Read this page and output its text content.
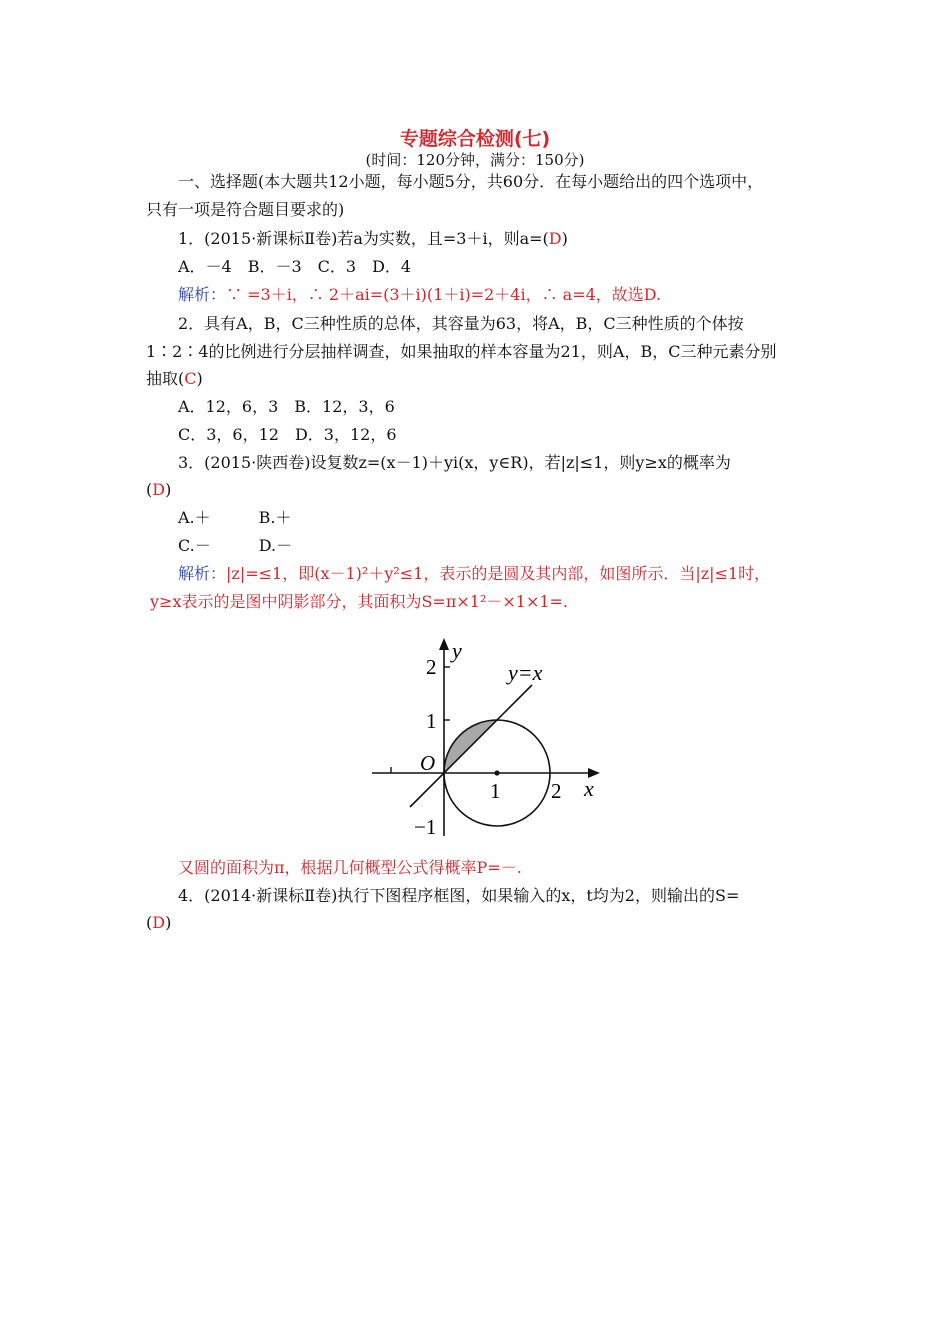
专题综合检测(七)
(时间：120分钟，满分：150分)
一、选择题(本大题共12小题，每小题5分，共60分．在每小题给出的四个选项中，
只有一项是符合题目要求的)
1．(2015·新课标Ⅱ卷)若a为实数，且=3＋i，则a=(D)
A．－4　B．－3　C．3　D．4
解析：∵ =3＋i，∴ 2＋ai=(3＋i)(1＋i)=2＋4i，∴ a=4，故选D.
2．具有A，B，C三种性质的总体，其容量为63，将A，B，C三种性质的个体按
1∶2∶4的比例进行分层抽样调查，如果抽取的样本容量为21，则A，B，C三种元素分别
抽取(C)
A．12，6，3　B．12，3，6
C．3，6，12　D．3，12，6
3．(2015·陕西卷)设复数z=(x－1)＋yi(x，y∈R)，若|z|≤1，则y≥x的概率为
(D)
A.＋　　　B.＋
C.－　　　D.－
解析：|z|=≤1，即(x－1)²＋y²≤1，表示的是圆及其内部，如图所示．当|z|≤1时，
y≥x表示的是图中阴影部分，其面积为S=π×1²－×1×1=.
y
x
y=x
O
2
1
−1
1 2
又圆的面积为π，根据几何概型公式得概率P=－.
4．(2014·新课标Ⅱ卷)执行下图程序框图，如果输入的x，t均为2，则输出的S=
(D)
